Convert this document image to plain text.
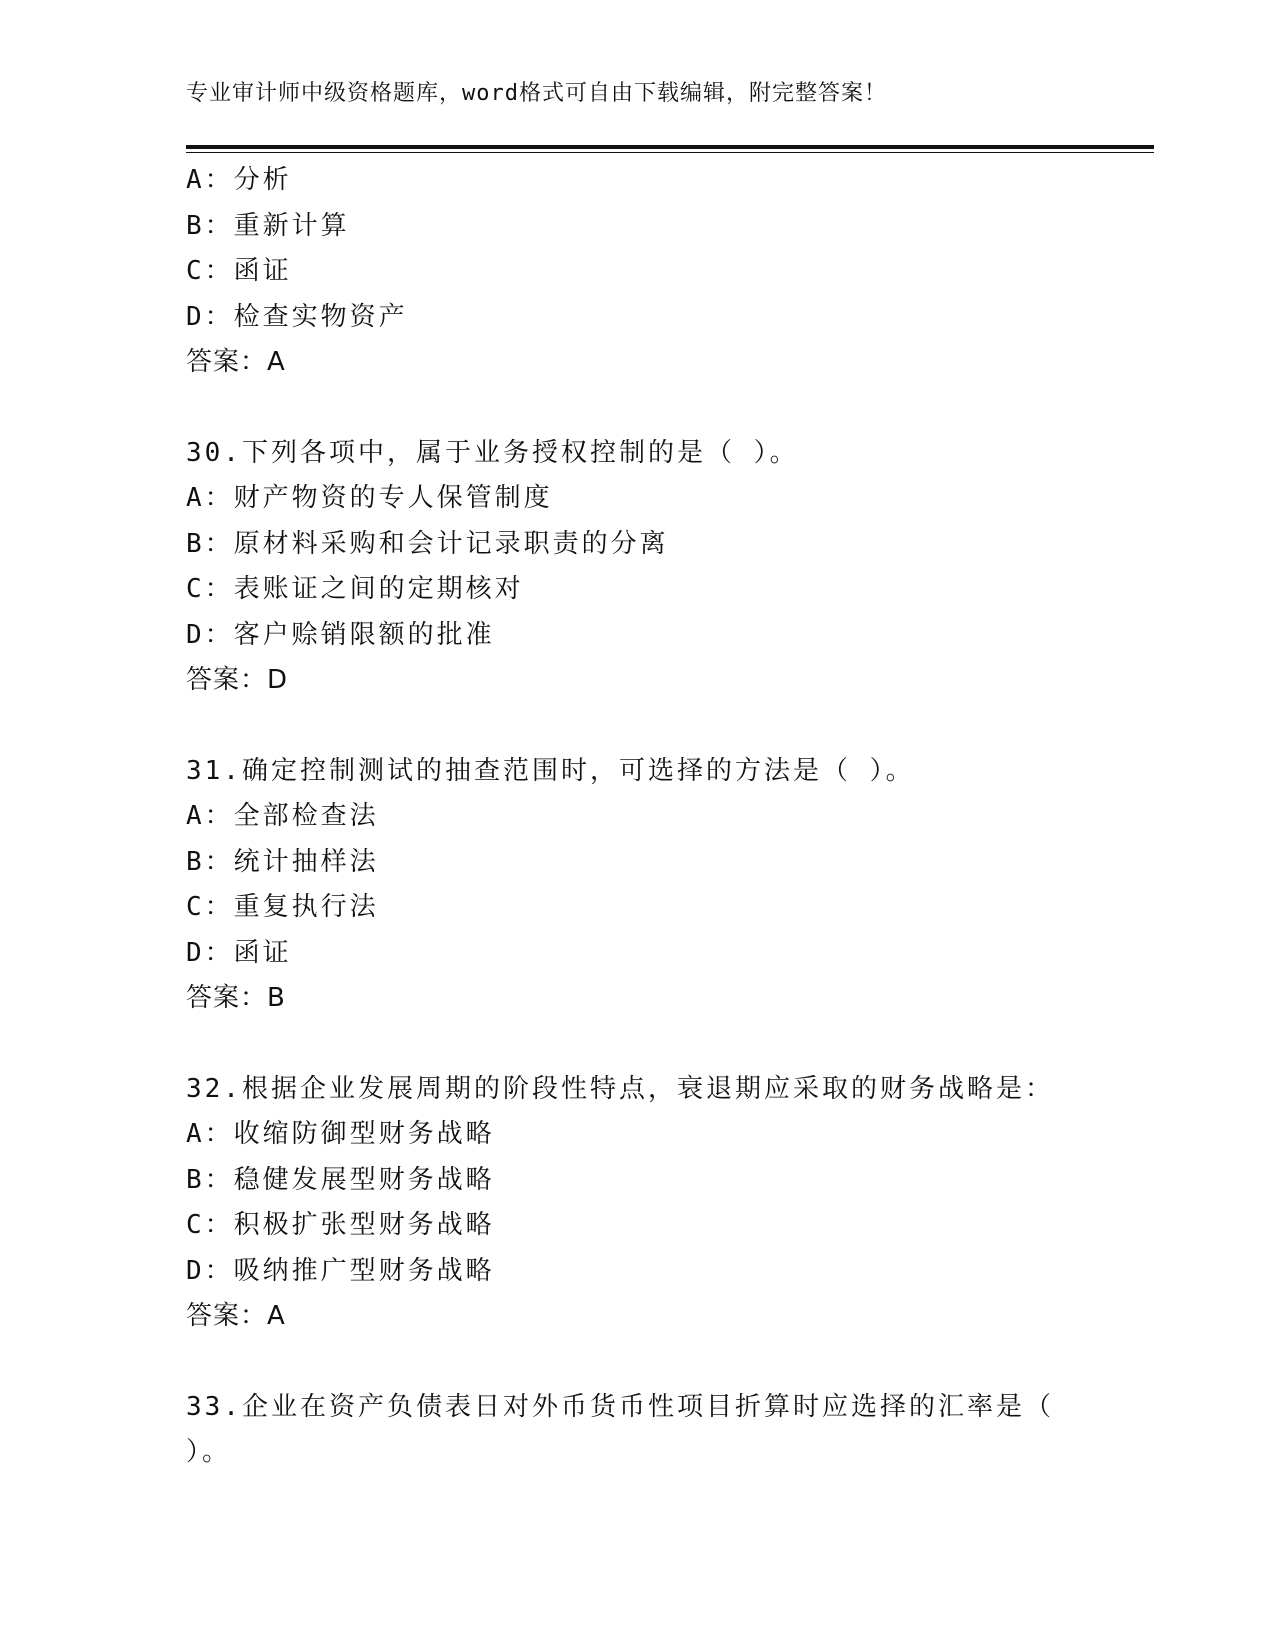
专业审计师中级资格题库，word格式可自由下载编辑，附完整答案！
A：分析
B：重新计算
C：函证
D：检查实物资产
答案：A
30.下列各项中，属于业务授权控制的是（ ）。
A：财产物资的专人保管制度
B：原材料采购和会计记录职责的分离
C：表账证之间的定期核对
D：客户赊销限额的批准
答案：D
31.确定控制测试的抽查范围时，可选择的方法是（ ）。
A：全部检查法
B：统计抽样法
C：重复执行法
D：函证
答案：B
32.根据企业发展周期的阶段性特点，衰退期应采取的财务战略是：
A：收缩防御型财务战略
B：稳健发展型财务战略
C：积极扩张型财务战略
D：吸纳推广型财务战略
答案：A
33.企业在资产负债表日对外币货币性项目折算时应选择的汇率是（
）。
